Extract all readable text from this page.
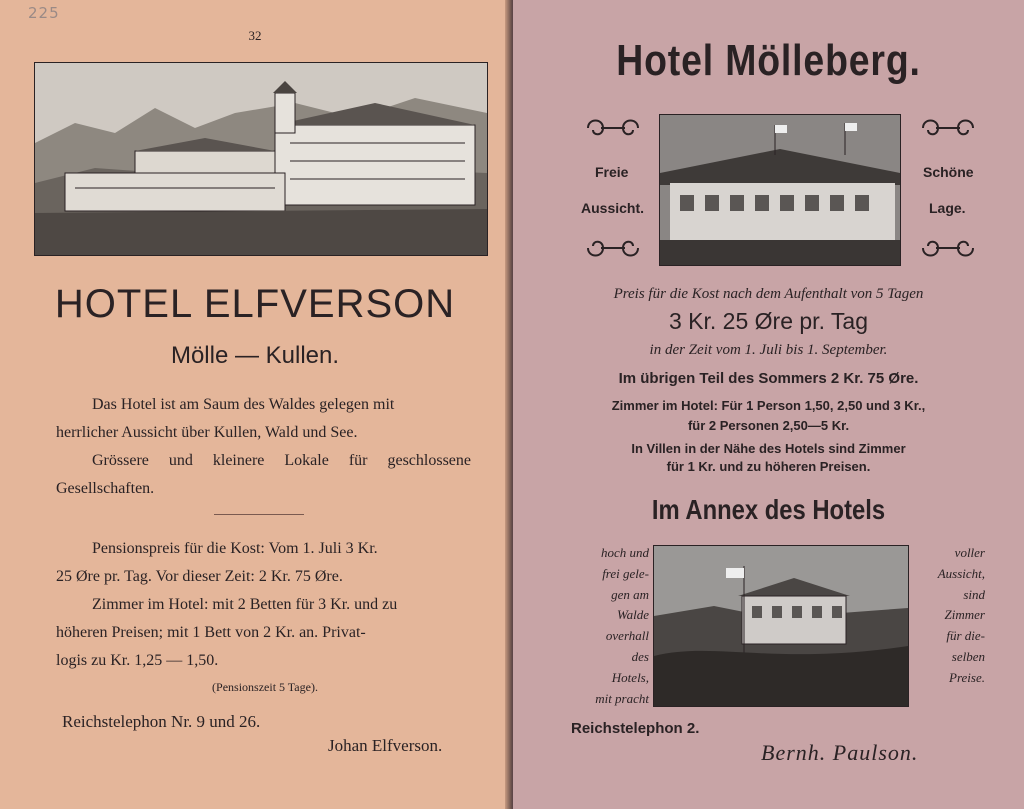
225

32

HOTEL ELFVERSON

Mölle — Kullen.

Das Hotel ist am Saum des Waldes gelegen mit

herrlicher Aussicht über Kullen, Wald und See.

Grössere und kleinere Lokale für geschlossene

Gesellschaften.

Pensionspreis für die Kost: Vom 1. Juli 3 Kr.

25 Øre pr. Tag. Vor dieser Zeit: 2 Kr. 75 Øre.

Zimmer im Hotel: mit 2 Betten für 3 Kr. und zu

höheren Preisen; mit 1 Bett von 2 Kr. an. Privat-

logis zu Kr. 1,25 — 1,50.

(Pensionszeit 5 Tage).

Reichstelephon Nr. 9 und 26.

Johan Elfverson.

Hotel Mölleberg.

Freie

Aussicht.

Schöne

Lage.

Preis für die Kost nach dem Aufenthalt von 5 Tagen

3 Kr. 25 Øre pr. Tag

in der Zeit vom 1. Juli bis 1. September.

Im übrigen Teil des Sommers 2 Kr. 75 Øre.

Zimmer im Hotel: Für 1 Person 1,50, 2,50 und 3 Kr.,

für 2 Personen 2,50—5 Kr.

In Villen in der Nähe des Hotels sind Zimmer

für 1 Kr. und zu höheren Preisen.

Im Annex des Hotels

hoch und
frei gele-
gen am
Walde
overhall
des
Hotels,
mit pracht
voller
Aussicht,
sind
Zimmer
für die-
selben
Preise.

Reichstelephon 2.

Bernh. Paulson.
